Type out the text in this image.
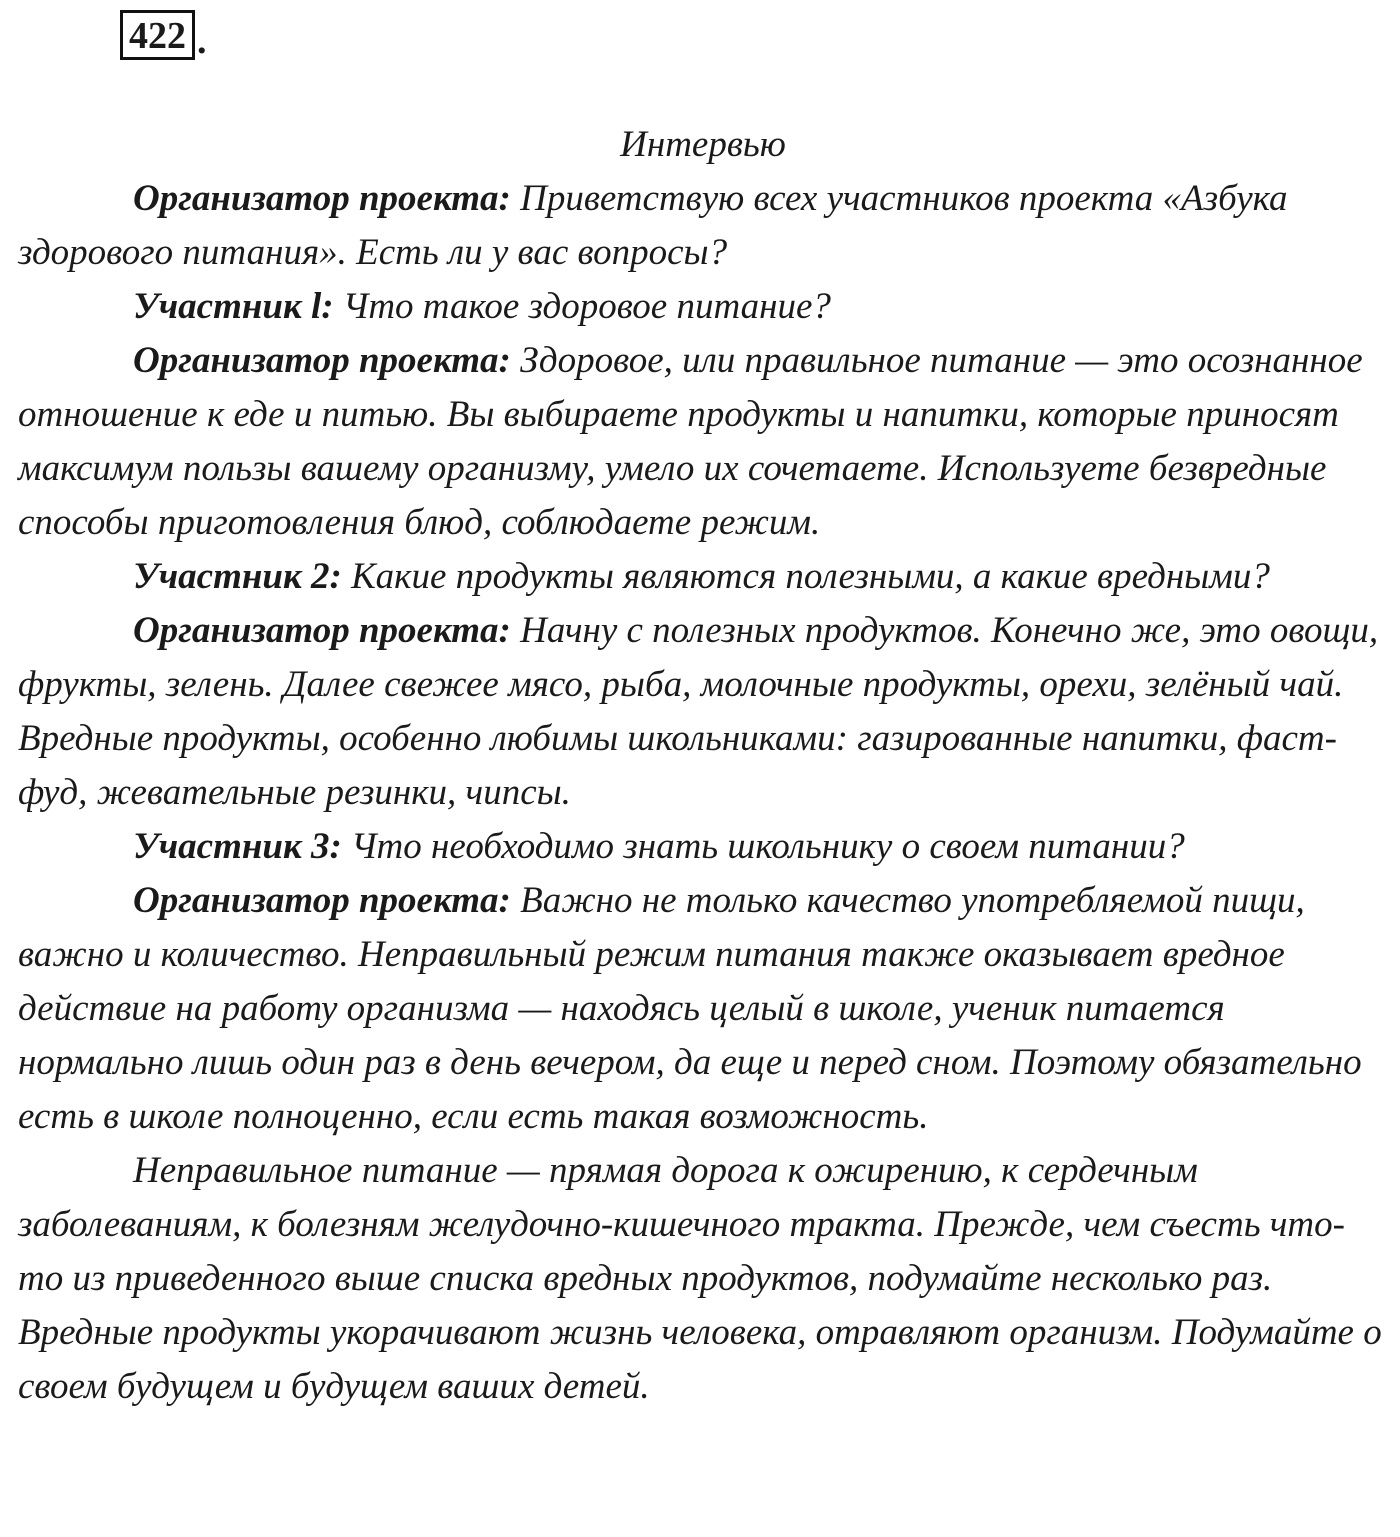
422 .

Интервью

Организатор проекта: Приветствую всех участников проекта «Азбука здорового питания». Есть ли у вас вопросы?

Участник l: Что такое здоровое питание?

Организатор проекта: Здоровое, или правильное питание — это осознанное отношение к еде и питью. Вы выбираете продукты и напитки, которые приносят максимум пользы вашему организму, умело их сочетаете. Используете безвредные способы приготовления блюд, соблюдаете режим.

Участник 2: Какие продукты являются полезными, а какие вредными?

Организатор проекта: Начну с полезных продуктов. Конечно же, это овощи, фрукты, зелень. Далее свежее мясо, рыба, молочные продукты, орехи, зелёный чай. Вредные продукты, особенно любимы школьниками: газированные напитки, фаст-фуд, жевательные резинки, чипсы.

Участник 3: Что необходимо знать школьнику о своем питании?

Организатор проекта: Важно не только качество употребляемой пищи, важно и количество. Неправильный режим питания также оказывает вредное действие на работу организма — находясь целый в школе, ученик питается нормально лишь один раз в день вечером, да еще и перед сном. Поэтому обязательно есть в школе полноценно, если есть такая возможность.

Неправильное питание — прямая дорога к ожирению, к сердечным заболеваниям, к болезням желудочно-кишечного тракта. Прежде, чем съесть что-то из приведенного выше списка вредных продуктов, подумайте несколько раз. Вредные продукты укорачивают жизнь человека, отравляют организм. Подумайте о своем будущем и будущем ваших детей.
